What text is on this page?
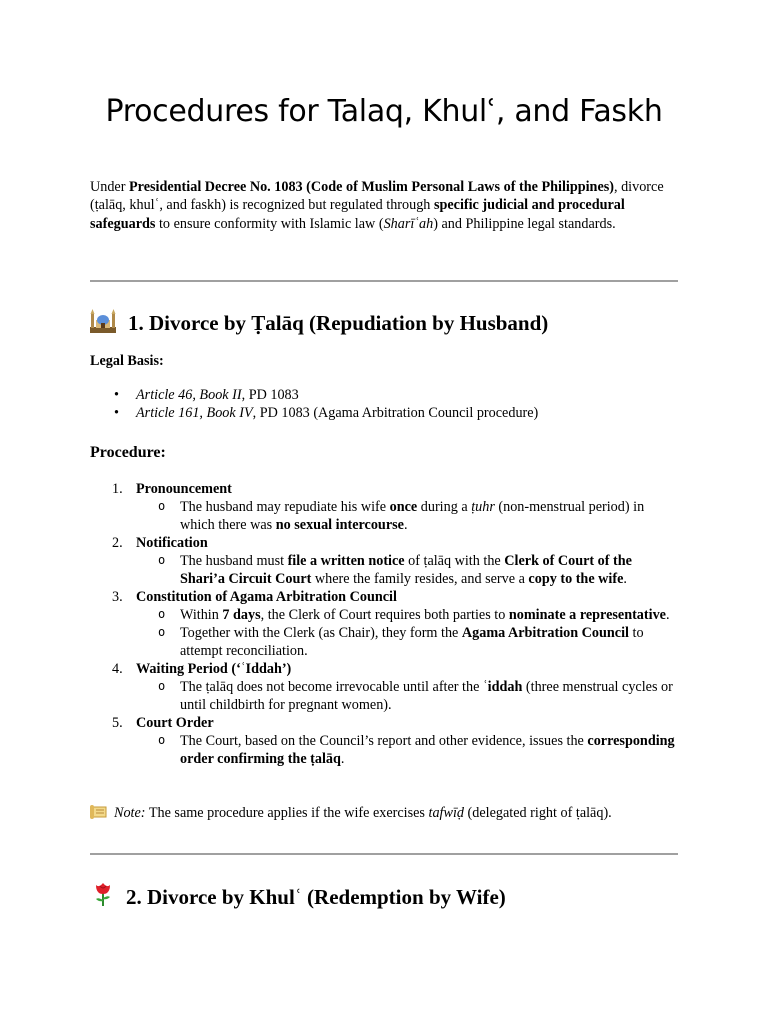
Procedures for Talaq, Khulʿ, and Faskh

Under Presidential Decree No. 1083 (Code of Muslim Personal Laws of the Philippines), divorce (ṭalāq, khulʿ, and faskh) is recognized but regulated through specific judicial and procedural safeguards to ensure conformity with Islamic law (Sharīʿah) and Philippine legal standards.

1. Divorce by Ṭalāq (Repudiation by Husband)

Legal Basis:

• Article 46, Book II, PD 1083
• Article 161, Book IV, PD 1083 (Agama Arbitration Council procedure)

Procedure:

1. Pronouncement
o The husband may repudiate his wife once during a ṭuhr (non-menstrual period) in which there was no sexual intercourse.
2. Notification
o The husband must file a written notice of ṭalāq with the Clerk of Court of the Shari’a Circuit Court where the family resides, and serve a copy to the wife.
3. Constitution of Agama Arbitration Council
o Within 7 days, the Clerk of Court requires both parties to nominate a representative.
o Together with the Clerk (as Chair), they form the Agama Arbitration Council to attempt reconciliation.
4. Waiting Period (‘ʿIddah’)
o The ṭalāq does not become irrevocable until after the ʿiddah (three menstrual cycles or until childbirth for pregnant women).
5. Court Order
o The Court, based on the Council’s report and other evidence, issues the corresponding order confirming the ṭalāq.

Note: The same procedure applies if the wife exercises tafwīḍ (delegated right of ṭalāq).

2. Divorce by Khulʿ (Redemption by Wife)
